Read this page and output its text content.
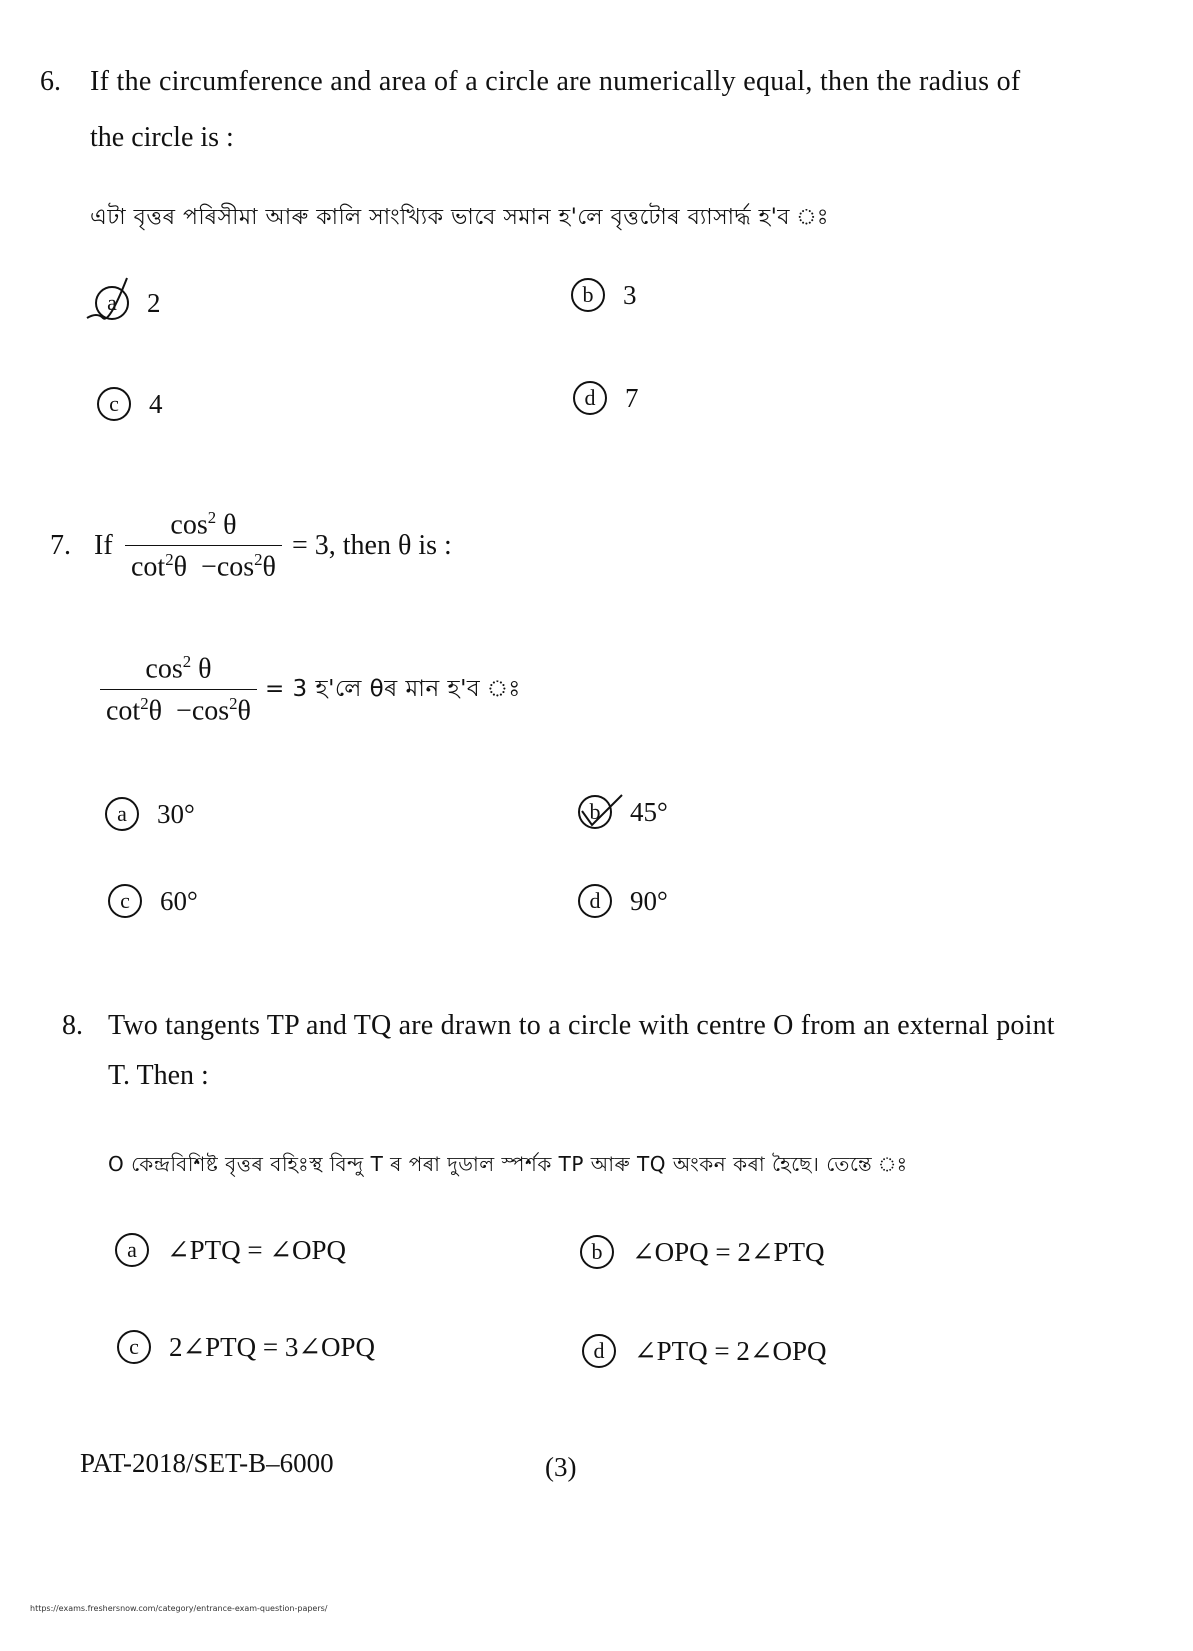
6. If the circumference and area of a circle are numerically equal, then the radius of
the circle is :
এটা বৃত্তৰ পৰিসীমা আৰু কালি সাংখ্যিক ভাবে সমান হ'লে বৃত্তটোৰ ব্যাসাৰ্দ্ধ হ'ব ঃ
a 2	b	3
c	4	d	7
7. If $\frac{\cos^2 \theta}{\cot^2\theta -\cos^2\theta} = 3$, then θ is :
$\frac{\cos^2 \theta}{\cot^2\theta -\cos^2\theta} = 3$ হ'লে θৰ মান হ'ব ঃ
a	30°	b 45°
c	60°	d	90°
8. Two tangents TP and TQ are drawn to a circle with centre O from an external point
T. Then :
O কেন্দ্ৰবিশিষ্ট বৃত্তৰ বহিঃস্থ বিন্দু T ৰ পৰা দুডাল স্পৰ্শক TP আৰু TQ অংকন কৰা হৈছে। তেন্তে ঃ
a	∠PTQ = ∠OPQ	b	∠OPQ = 2∠PTQ
c	2∠PTQ = 3∠OPQ	d	∠PTQ = 2∠OPQ
PAT-2018/SET-B–6000	(3)
https://exams.freshersnow.com/category/entrance-exam-question-papers/
